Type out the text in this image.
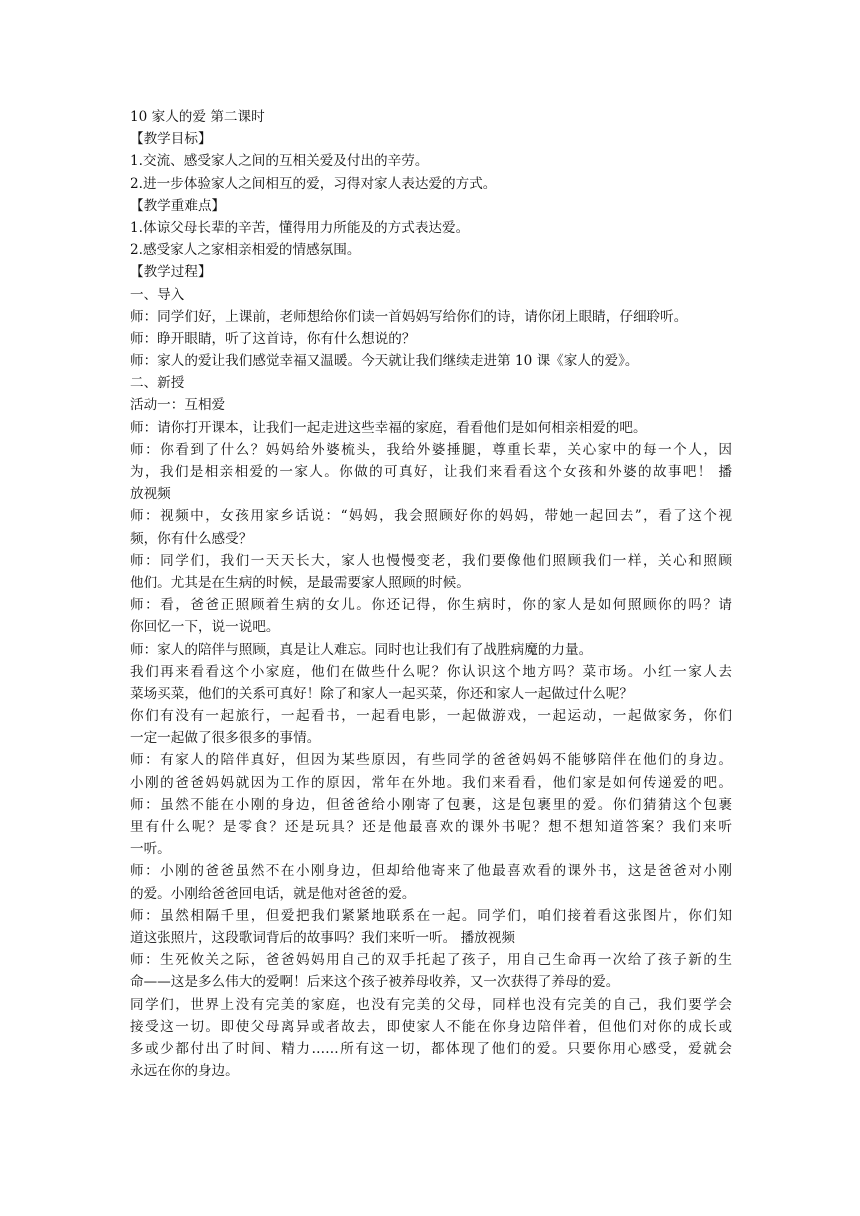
10 家人的爱 第二课时
【教学目标】
1.交流、感受家人之间的互相关爱及付出的辛劳。
2.进一步体验家人之间相互的爱，习得对家人表达爱的方式。
【教学重难点】
1.体谅父母长辈的辛苦，懂得用力所能及的方式表达爱。
2.感受家人之家相亲相爱的情感氛围。
【教学过程】
一、导入
师：同学们好，上课前，老师想给你们读一首妈妈写给你们的诗，请你闭上眼睛，仔细聆听。
师：睁开眼睛，听了这首诗，你有什么想说的？
师：家人的爱让我们感觉幸福又温暖。今天就让我们继续走进第 10 课《家人的爱》。
二、新授
活动一：互相爱
师：请你打开课本，让我们一起走进这些幸福的家庭，看看他们是如何相亲相爱的吧。
师：你看到了什么？妈妈给外婆梳头，我给外婆捶腿，尊重长辈，关心家中的每一个人，因
为，我们是相亲相爱的一家人。你做的可真好，让我们来看看这个女孩和外婆的故事吧！ 播
放视频
师：视频中，女孩用家乡话说：“妈妈，我会照顾好你的妈妈，带她一起回去”，看了这个视
频，你有什么感受？
师：同学们，我们一天天长大，家人也慢慢变老，我们要像他们照顾我们一样，关心和照顾
他们。尤其是在生病的时候，是最需要家人照顾的时候。
师：看，爸爸正照顾着生病的女儿。你还记得，你生病时，你的家人是如何照顾你的吗？请
你回忆一下，说一说吧。
师：家人的陪伴与照顾，真是让人难忘。同时也让我们有了战胜病魔的力量。
我们再来看看这个小家庭，他们在做些什么呢？你认识这个地方吗？菜市场。小红一家人去
菜场买菜，他们的关系可真好！除了和家人一起买菜，你还和家人一起做过什么呢？
你们有没有一起旅行，一起看书，一起看电影，一起做游戏，一起运动，一起做家务，你们
一定一起做了很多很多的事情。
师：有家人的陪伴真好，但因为某些原因，有些同学的爸爸妈妈不能够陪伴在他们的身边。
小刚的爸爸妈妈就因为工作的原因，常年在外地。我们来看看，他们家是如何传递爱的吧。
师：虽然不能在小刚的身边，但爸爸给小刚寄了包裹，这是包裹里的爱。你们猜猜这个包裹
里有什么呢？是零食？还是玩具？还是他最喜欢的课外书呢？想不想知道答案？我们来听
一听。
师：小刚的爸爸虽然不在小刚身边，但却给他寄来了他最喜欢看的课外书，这是爸爸对小刚
的爱。小刚给爸爸回电话，就是他对爸爸的爱。
师：虽然相隔千里，但爱把我们紧紧地联系在一起。同学们，咱们接着看这张图片，你们知
道这张照片，这段歌词背后的故事吗？我们来听一听。 播放视频
师：生死攸关之际，爸爸妈妈用自己的双手托起了孩子，用自己生命再一次给了孩子新的生
命——这是多么伟大的爱啊！后来这个孩子被养母收养，又一次获得了养母的爱。
同学们，世界上没有完美的家庭，也没有完美的父母，同样也没有完美的自己，我们要学会
接受这一切。即使父母离异或者故去，即使家人不能在你身边陪伴着，但他们对你的成长或
多或少都付出了时间、精力……所有这一切，都体现了他们的爱。只要你用心感受，爱就会
永远在你的身边。
